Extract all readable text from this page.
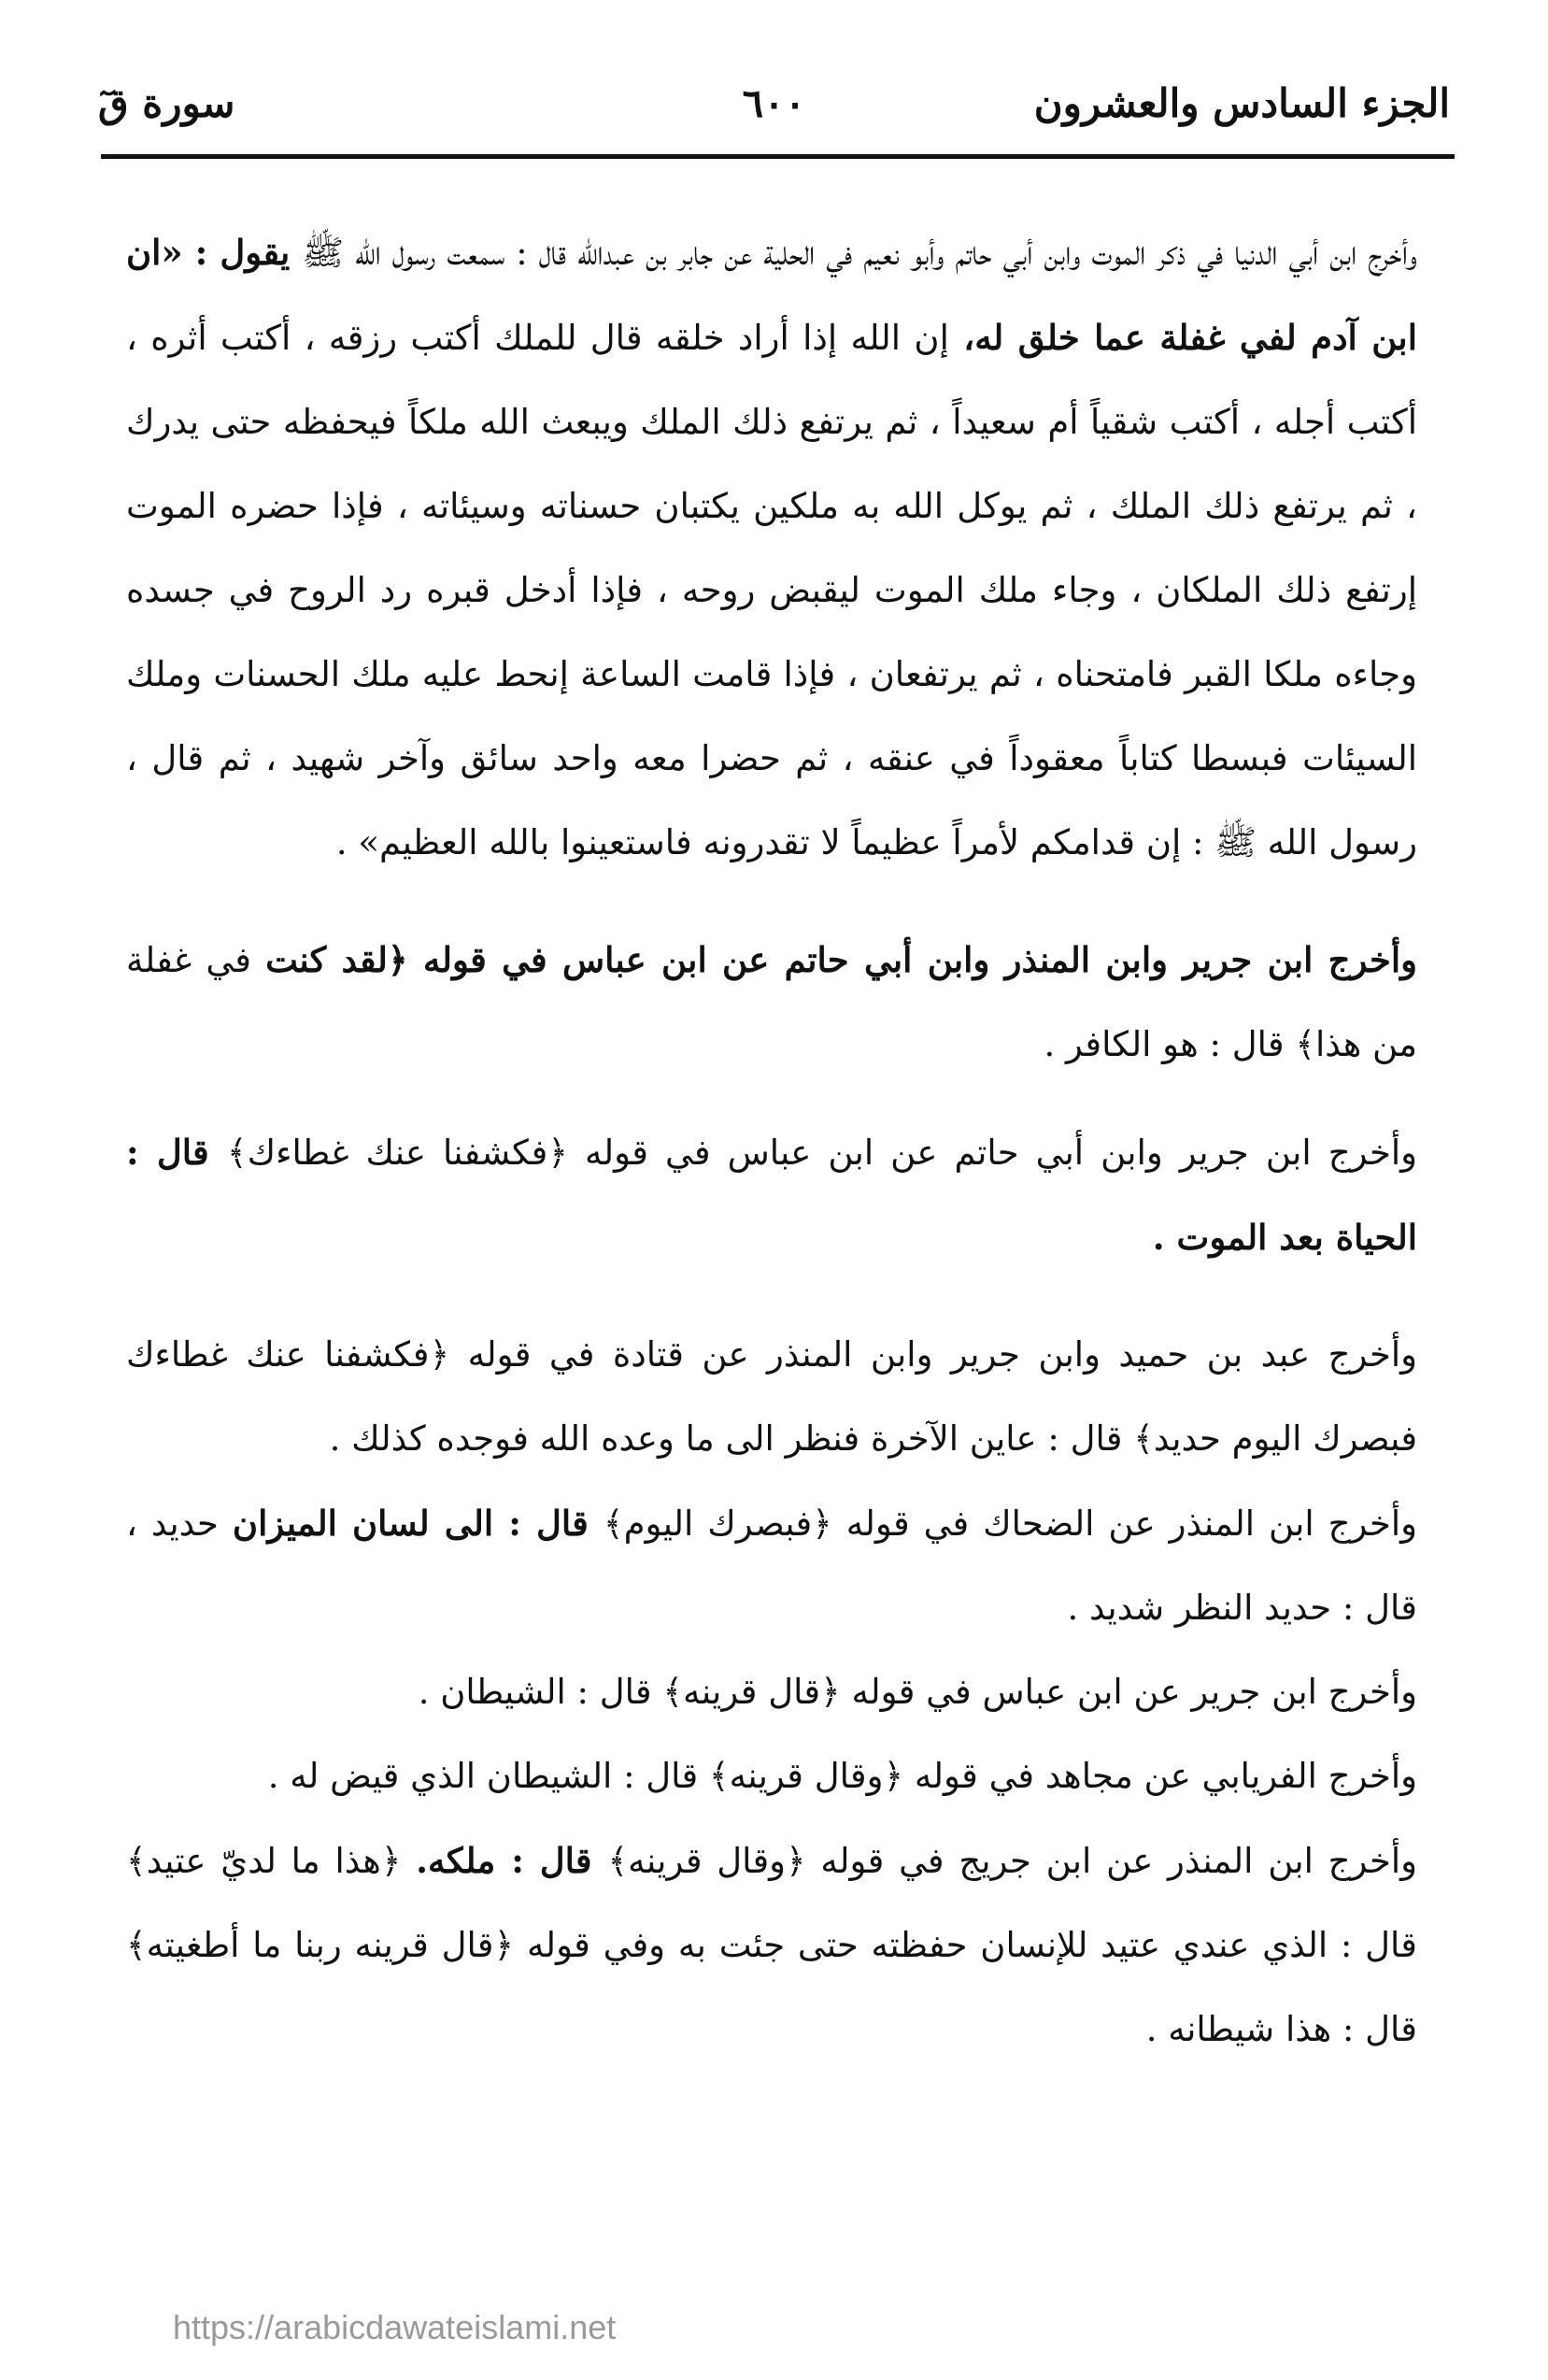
الجزء السادس والعشرون
٦٠٠
سورة قٓ

وأخرج ابن أبي الدنيا في ذكر الموت وابن أبي حاتم وأبو نعيم في الحلية عن جابر بن عبدالله قال : سمعت رسول الله ﷺ يقول : «ان ابن آدم لفي غفلة عما خلق له، إن الله إذا أراد خلقه قال للملك أكتب رزقه ، أكتب أثره ، أكتب أجله ، أكتب شقياً أم سعيداً ، ثم يرتفع ذلك الملك ويبعث الله ملكاً فيحفظه حتى يدرك ، ثم يرتفع ذلك الملك ، ثم يوكل الله به ملكين يكتبان حسناته وسيئاته ، فإذا حضره الموت إرتفع ذلك الملكان ، وجاء ملك الموت ليقبض روحه ، فإذا أدخل قبره رد الروح في جسده وجاءه ملكا القبر فامتحناه ، ثم يرتفعان ، فإذا قامت الساعة إنحط عليه ملك الحسنات وملك السيئات فبسطا كتاباً معقوداً في عنقه ، ثم حضرا معه واحد سائق وآخر شهيد ، ثم قال ، رسول الله ﷺ : إن قدامكم لأمراً عظيماً لا تقدرونه فاستعينوا بالله العظيم» .

وأخرج ابن جرير وابن المنذر وابن أبي حاتم عن ابن عباس في قوله ﴿لقد كنت في غفلة من هذا﴾ قال : هو الكافر .

وأخرج ابن جرير وابن أبي حاتم عن ابن عباس في قوله ﴿فكشفنا عنك غطاءك﴾ قال : الحياة بعد الموت .

وأخرج عبد بن حميد وابن جرير وابن المنذر عن قتادة في قوله ﴿فكشفنا عنك غطاءك فبصرك اليوم حديد﴾ قال : عاين الآخرة فنظر الى ما وعده الله فوجده كذلك .

وأخرج ابن المنذر عن الضحاك في قوله ﴿فبصرك اليوم﴾ قال : الى لسان الميزان حديد ، قال : حديد النظر شديد .

وأخرج ابن جرير عن ابن عباس في قوله ﴿قال قرينه﴾ قال : الشيطان .

وأخرج الفريابي عن مجاهد في قوله ﴿وقال قرينه﴾ قال : الشيطان الذي قيض له .

وأخرج ابن المنذر عن ابن جريج في قوله ﴿وقال قرينه﴾ قال : ملكه. ﴿هذا ما لديّ عتيد﴾ قال : الذي عندي عتيد للإنسان حفظته حتى جئت به وفي قوله ﴿قال قرينه ربنا ما أطغيته﴾ قال : هذا شيطانه .

https://arabicdawateislami.net
